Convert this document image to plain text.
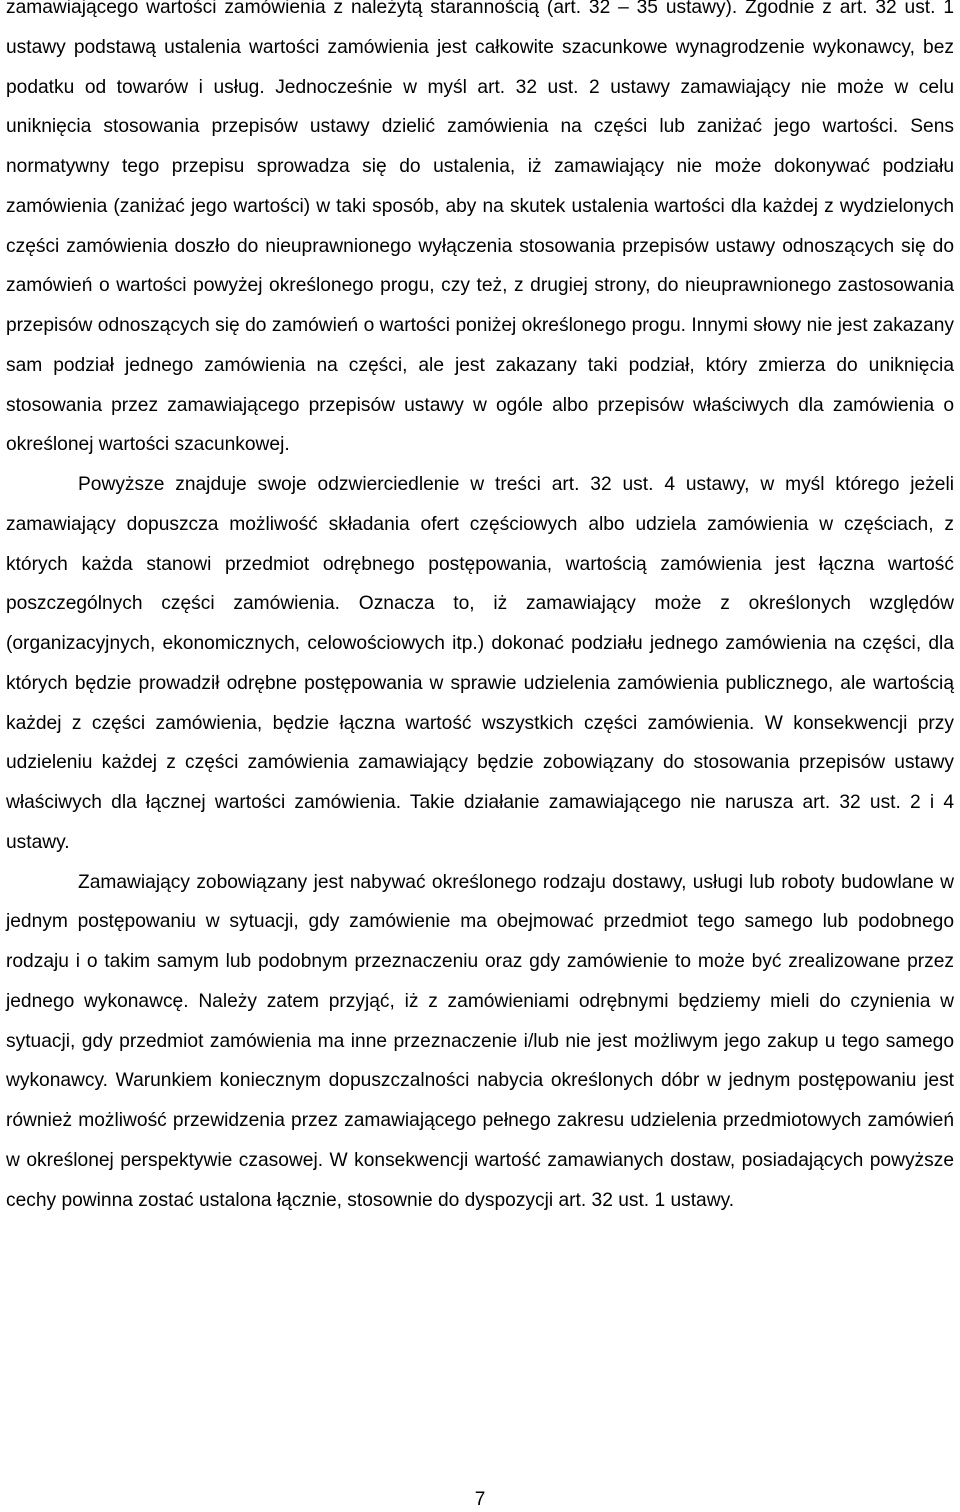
zamawiającego wartości zamówienia z należytą starannością (art. 32 – 35 ustawy). Zgodnie z art. 32 ust. 1 ustawy podstawą ustalenia wartości zamówienia jest całkowite szacunkowe wynagrodzenie wykonawcy, bez podatku od towarów i usług. Jednocześnie w myśl art. 32 ust. 2 ustawy zamawiający nie może w celu uniknięcia stosowania przepisów ustawy dzielić zamówienia na części lub zaniżać jego wartości. Sens normatywny tego przepisu sprowadza się do ustalenia, iż zamawiający nie może dokonywać podziału zamówienia (zaniżać jego wartości) w taki sposób, aby na skutek ustalenia wartości dla każdej z wydzielonych części zamówienia doszło do nieuprawnionego wyłączenia stosowania przepisów ustawy odnoszących się do zamówień o wartości powyżej określonego progu, czy też, z drugiej strony, do nieuprawnionego zastosowania przepisów odnoszących się do zamówień o wartości poniżej określonego progu. Innymi słowy nie jest zakazany sam podział jednego zamówienia na części, ale jest zakazany taki podział, który zmierza do uniknięcia stosowania przez zamawiającego przepisów ustawy w ogóle albo przepisów właściwych dla zamówienia o określonej wartości szacunkowej.

Powyższe znajduje swoje odzwierciedlenie w treści art. 32 ust. 4 ustawy, w myśl którego jeżeli zamawiający dopuszcza możliwość składania ofert częściowych albo udziela zamówienia w częściach, z których każda stanowi przedmiot odrębnego postępowania, wartością zamówienia jest łączna wartość poszczególnych części zamówienia. Oznacza to, iż zamawiający może z określonych względów (organizacyjnych, ekonomicznych, celowościowych itp.) dokonać podziału jednego zamówienia na części, dla których będzie prowadził odrębne postępowania w sprawie udzielenia zamówienia publicznego, ale wartością każdej z części zamówienia, będzie łączna wartość wszystkich części zamówienia. W konsekwencji przy udzieleniu każdej z części zamówienia zamawiający będzie zobowiązany do stosowania przepisów ustawy właściwych dla łącznej wartości zamówienia. Takie działanie zamawiającego nie narusza art. 32 ust. 2 i 4 ustawy.

Zamawiający zobowiązany jest nabywać określonego rodzaju dostawy, usługi lub roboty budowlane w jednym postępowaniu w sytuacji, gdy zamówienie ma obejmować przedmiot tego samego lub podobnego rodzaju i o takim samym lub podobnym przeznaczeniu oraz gdy zamówienie to może być zrealizowane przez jednego wykonawcę. Należy zatem przyjąć, iż z zamówieniami odrębnymi będziemy mieli do czynienia w sytuacji, gdy przedmiot zamówienia ma inne przeznaczenie i/lub nie jest możliwym jego zakup u tego samego wykonawcy. Warunkiem koniecznym dopuszczalności nabycia określonych dóbr w jednym postępowaniu jest również możliwość przewidzenia przez zamawiającego pełnego zakresu udzielenia przedmiotowych zamówień w określonej perspektywie czasowej. W konsekwencji wartość zamawianych dostaw, posiadających powyższe cechy powinna zostać ustalona łącznie, stosownie do dyspozycji art. 32 ust. 1 ustawy.

7
